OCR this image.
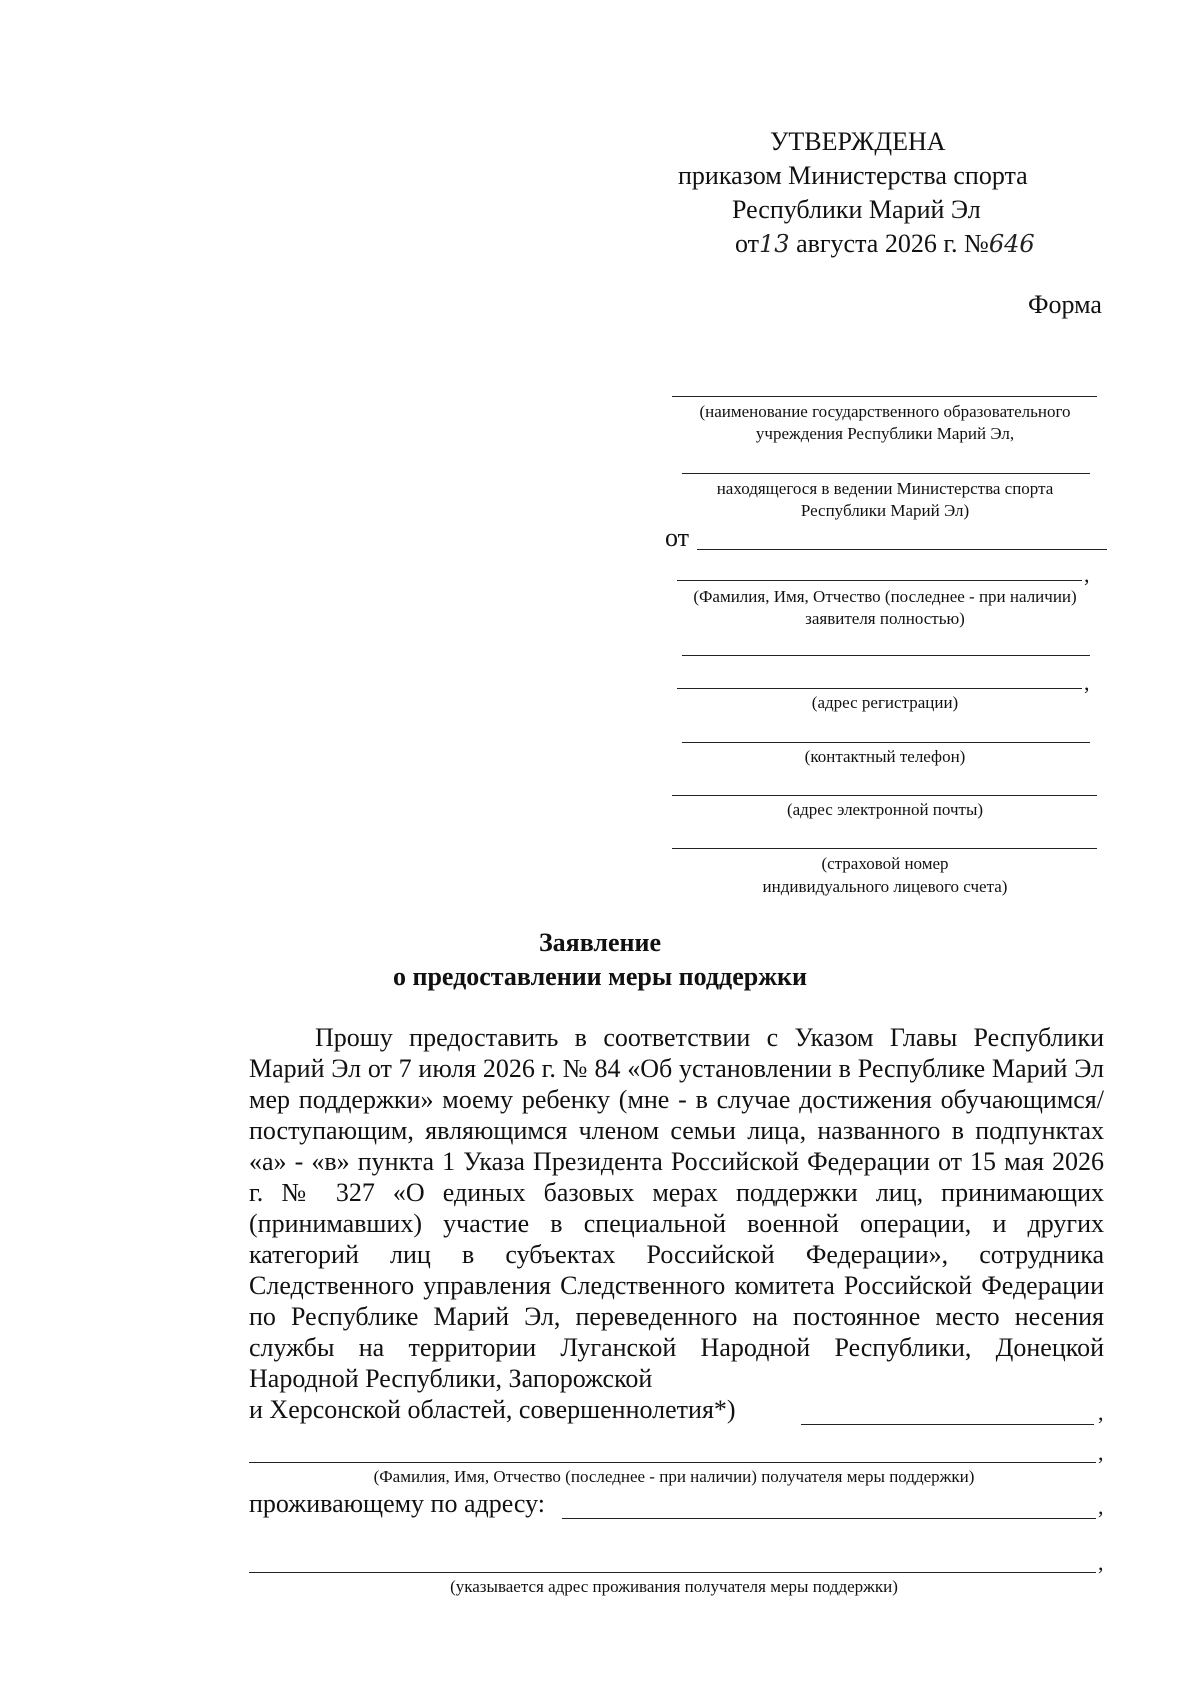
УТВЕРЖДЕНА
приказом Министерства спорта
Республики Марий Эл
от13 августа 2026 г. №646
Форма
(наименование государственного образовательного
учреждения Республики Марий Эл,
находящегося в ведении Министерства спорта
Республики Марий Эл)
от
,
(Фамилия, Имя, Отчество (последнее - при наличии)
заявителя полностью)
,
(адрес регистрации)
(контактный телефон)
(адрес электронной почты)
(страховой номер
индивидуального лицевого счета)
Заявление
о предоставлении меры поддержки

Прошу предоставить в соответствии с Указом Главы Республики Марий Эл от 7 июля 2026 г. № 84 «Об установлении в Республике Марий Эл мер поддержки» моему ребенку (мне - в случае достижения обучающимся/поступающим, являющимся членом семьи лица, названного в подпунктах «а» - «в» пункта 1 Указа Президента Российской Федерации от 15 мая 2026 г. № 327 «О единых базовых мерах поддержки лиц, принимающих (принимавших) участие в специальной военной операции, и других категорий лиц в субъектах Российской Федерации», сотрудника Следственного управления Следственного комитета Российской Федерации по Республике Марий Эл, переведенного на постоянное место несения службы на территории Луганской Народной Республики, Донецкой Народной Республики, Запорожской

и Херсонской областей, совершеннолетия*)	,
,
(Фамилия, Имя, Отчество (последнее - при наличии) получателя меры поддержки)
проживающему по адресу:	,
,
(указывается адрес проживания получателя меры поддержки)
